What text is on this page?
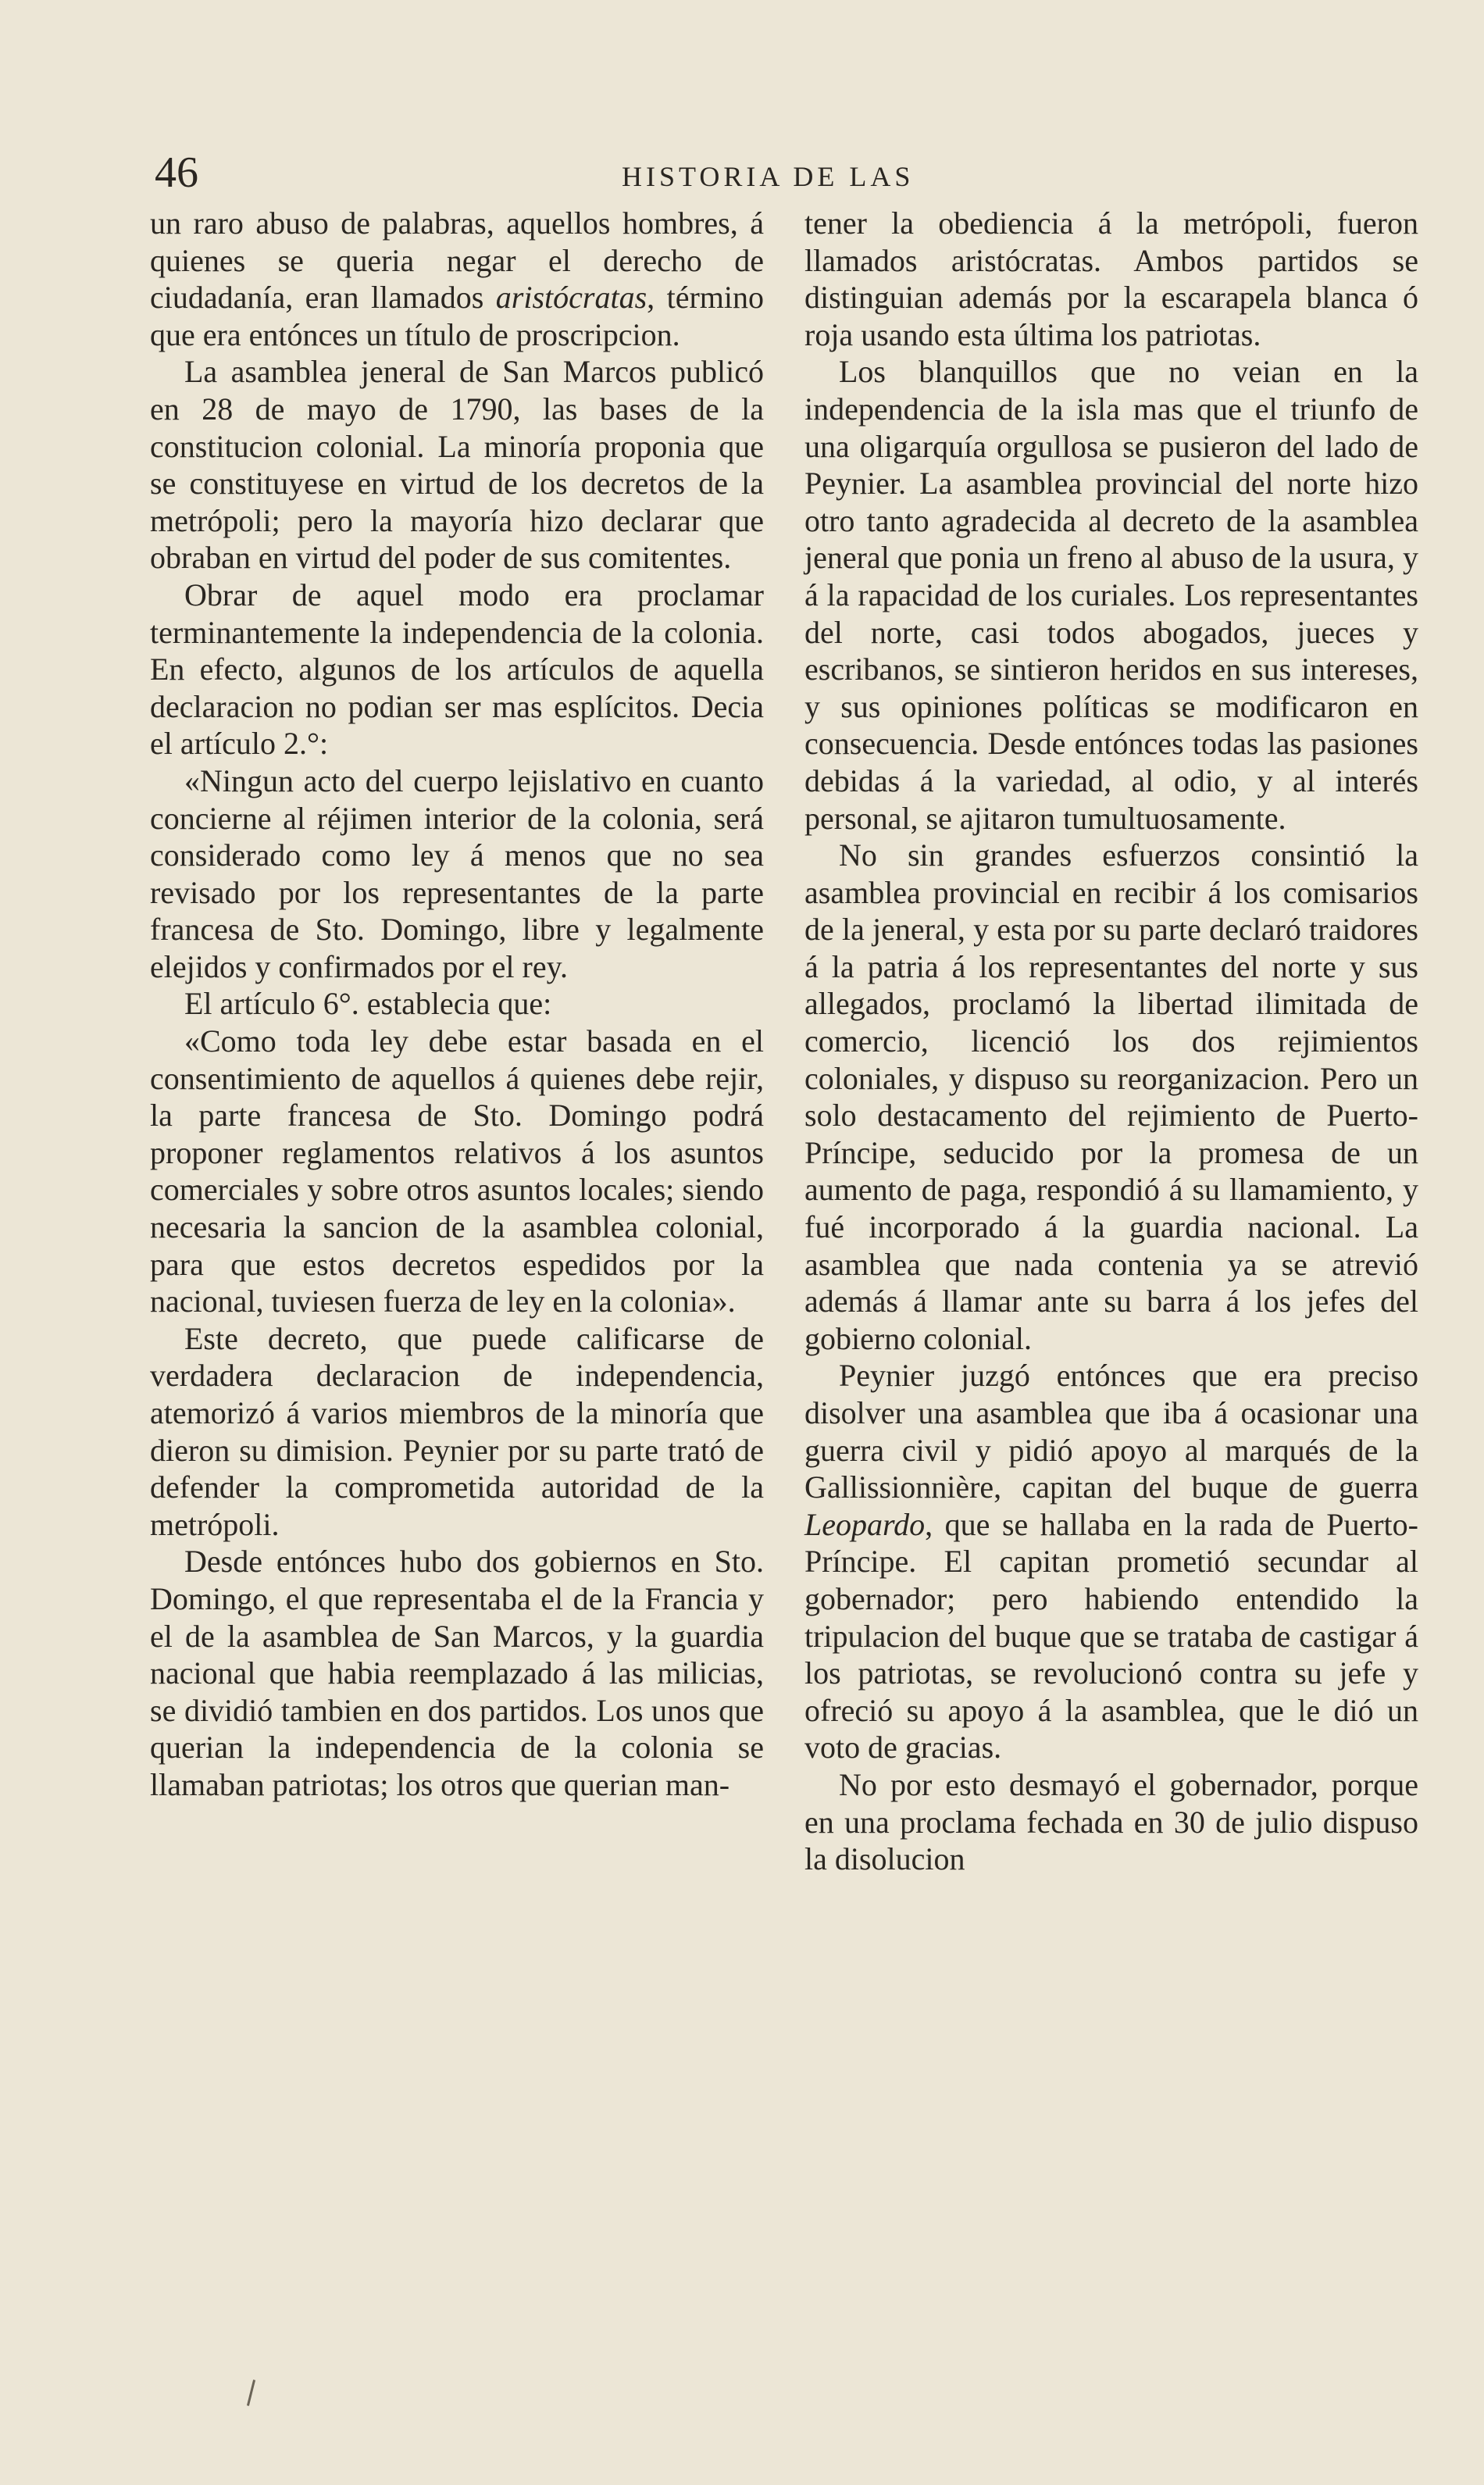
46	HISTORIA DE LAS

un raro abuso de palabras, aquellos hombres, á quienes se queria negar el derecho de ciudadanía, eran llamados aristócratas, término que era entónces un título de proscripcion.

La asamblea jeneral de San Marcos publicó en 28 de mayo de 1790, las bases de la constitucion colonial. La minoría proponia que se constituyese en virtud de los decretos de la metrópoli; pero la mayoría hizo declarar que obraban en virtud del poder de sus comitentes.

Obrar de aquel modo era proclamar terminantemente la independencia de la colonia. En efecto, algunos de los artículos de aquella declaracion no podian ser mas esplícitos. Decia el artículo 2.°:

«Ningun acto del cuerpo lejislativo en cuanto concierne al réjimen interior de la colonia, será considerado como ley á menos que no sea revisado por los representantes de la parte francesa de Sto. Domingo, libre y legalmente elejidos y confirmados por el rey.

El artículo 6°. establecia que:

«Como toda ley debe estar basada en el consentimiento de aquellos á quienes debe rejir, la parte francesa de Sto. Domingo podrá proponer reglamentos relativos á los asuntos comerciales y sobre otros asuntos locales; siendo necesaria la sancion de la asamblea colonial, para que estos decretos espedidos por la nacional, tuviesen fuerza de ley en la colonia».

Este decreto, que puede calificarse de verdadera declaracion de independencia, atemorizó á varios miembros de la minoría que dieron su dimision. Peynier por su parte trató de defender la comprometida autoridad de la metrópoli.

Desde entónces hubo dos gobiernos en Sto. Domingo, el que representaba el de la Francia y el de la asamblea de San Marcos, y la guardia nacional que habia reemplazado á las milicias, se dividió tambien en dos partidos. Los unos que querian la independencia de la colonia se llamaban patriotas; los otros que querian man-

tener la obediencia á la metrópoli, fueron llamados aristócratas. Ambos partidos se distinguian además por la escarapela blanca ó roja usando esta última los patriotas.

Los blanquillos que no veian en la independencia de la isla mas que el triunfo de una oligarquía orgullosa se pusieron del lado de Peynier. La asamblea provincial del norte hizo otro tanto agradecida al decreto de la asamblea jeneral que ponia un freno al abuso de la usura, y á la rapacidad de los curiales. Los representantes del norte, casi todos abogados, jueces y escribanos, se sintieron heridos en sus intereses, y sus opiniones políticas se modificaron en consecuencia. Desde entónces todas las pasiones debidas á la variedad, al odio, y al interés personal, se ajitaron tumultuosamente.

No sin grandes esfuerzos consintió la asamblea provincial en recibir á los comisarios de la jeneral, y esta por su parte declaró traidores á la patria á los representantes del norte y sus allegados, proclamó la libertad ilimitada de comercio, licenció los dos rejimientos coloniales, y dispuso su reorganizacion. Pero un solo destacamento del rejimiento de Puerto-Príncipe, seducido por la promesa de un aumento de paga, respondió á su llamamiento, y fué incorporado á la guardia nacional. La asamblea que nada contenia ya se atrevió además á llamar ante su barra á los jefes del gobierno colonial.

Peynier juzgó entónces que era preciso disolver una asamblea que iba á ocasionar una guerra civil y pidió apoyo al marqués de la Gallissionnière, capitan del buque de guerra Leopardo, que se hallaba en la rada de Puerto-Príncipe. El capitan prometió secundar al gobernador; pero habiendo entendido la tripulacion del buque que se trataba de castigar á los patriotas, se revolucionó contra su jefe y ofreció su apoyo á la asamblea, que le dió un voto de gracias.

No por esto desmayó el gobernador, porque en una proclama fechada en 30 de julio dispuso la disolucion
